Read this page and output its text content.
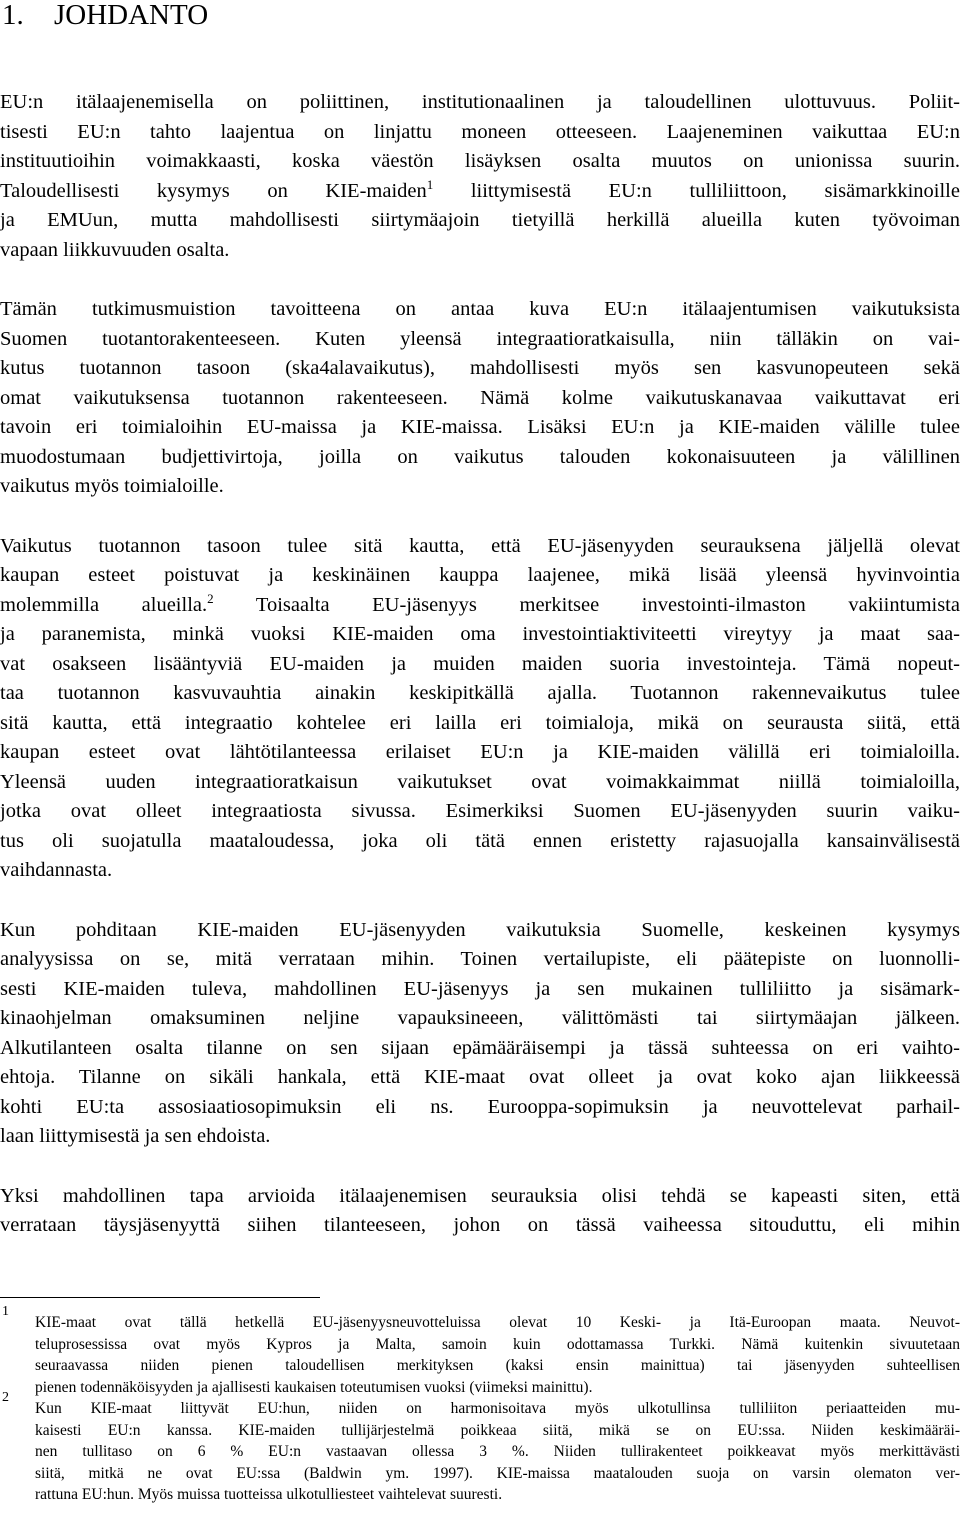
1. JOHDANTO
EU:n itälaajenemisella on poliittinen, institutionaalinen ja taloudellinen ulottuvuus. Poliit-
tisesti EU:n tahto laajentua on linjattu moneen otteeseen. Laajeneminen vaikuttaa EU:n
instituutioihin voimakkaasti, koska väestön lisäyksen osalta muutos on unionissa suurin.
Taloudellisesti kysymys on KIE-maiden$^1$ liittymisestä EU:n tulliliittoon, sisämarkkinoille
ja EMUun, mutta mahdollisesti siirtymäajoin tietyillä herkillä alueilla kuten työvoiman
vapaan liikkuvuuden osalta.
Tämän tutkimusmuistion tavoitteena on antaa kuva EU:n itälaajentumisen vaikutuksista
Suomen tuotantorakenteeseen. Kuten yleensä integraatioratkaisulla, niin tälläkin on vai-
kutus tuotannon tasoon (ska4alavaikutus), mahdollisesti myös sen kasvunopeuteen sekä
omat vaikutuksensa tuotannon rakenteeseen. Nämä kolme vaikutuskanavaa vaikuttavat eri
tavoin eri toimialoihin EU-maissa ja KIE-maissa. Lisäksi EU:n ja KIE-maiden välille tulee
muodostumaan budjettivirtoja, joilla on vaikutus talouden kokonaisuuteen ja välillinen
vaikutus myös toimialoille.
Vaikutus tuotannon tasoon tulee sitä kautta, että EU-jäsenyyden seurauksena jäljellä olevat
kaupan esteet poistuvat ja keskinäinen kauppa laajenee, mikä lisää yleensä hyvinvointia
molemmilla alueilla.$^2$ Toisaalta EU-jäsenyys merkitsee investointi-ilmaston vakiintumista
ja paranemista, minkä vuoksi KIE-maiden oma investointiaktiviteetti vireytyy ja maat saa-
vat osakseen lisääntyviä EU-maiden ja muiden maiden suoria investointeja. Tämä nopeut-
taa tuotannon kasvuvauhtia ainakin keskipitkällä ajalla. Tuotannon rakennevaikutus tulee
sitä kautta, että integraatio kohtelee eri lailla eri toimialoja, mikä on seurausta siitä, että
kaupan esteet ovat lähtötilanteessa erilaiset EU:n ja KIE-maiden välillä eri toimialoilla.
Yleensä uuden integraatioratkaisun vaikutukset ovat voimakkaimmat niillä toimialoilla,
jotka ovat olleet integraatiosta sivussa. Esimerkiksi Suomen EU-jäsenyyden suurin vaiku-
tus oli suojatulla maataloudessa, joka oli tätä ennen eristetty rajasuojalla kansainvälisestä
vaihdannasta.
Kun pohditaan KIE-maiden EU-jäsenyyden vaikutuksia Suomelle, keskeinen kysymys
analyysissa on se, mitä verrataan mihin. Toinen vertailupiste, eli päätepiste on luonnolli-
sesti KIE-maiden tuleva, mahdollinen EU-jäsenyys ja sen mukainen tulliliitto ja sisämark-
kinaohjelman omaksuminen neljine vapauksineeen, välittömästi tai siirtymäajan jälkeen.
Alkutilanteen osalta tilanne on sen sijaan epämääräisempi ja tässä suhteessa on eri vaihto-
ehtoja. Tilanne on sikäli hankala, että KIE-maat ovat olleet ja ovat koko ajan liikkeessä
kohti EU:ta assosiaatiosopimuksin eli ns. Eurooppa-sopimuksin ja neuvottelevat parhail-
laan liittymisestä ja sen ehdoista.
Yksi mahdollinen tapa arvioida itälaajenemisen seurauksia olisi tehdä se kapeasti siten, että
verrataan täysjäsenyyttä siihen tilanteeseen, johon on tässä vaiheessa sitouduttu, eli mihin
1
KIE-maat ovat tällä hetkellä EU-jäsenyysneuvotteluissa olevat 10 Keski- ja Itä-Euroopan maata. Neuvot-
teluprosessissa ovat myös Kypros ja Malta, samoin kuin odottamassa Turkki. Nämä kuitenkin sivuutetaan
seuraavassa niiden pienen taloudellisen merkityksen (kaksi ensin mainittua) tai jäsenyyden suhteellisen
pienen todennäköisyyden ja ajallisesti kaukaisen toteutumisen vuoksi (viimeksi mainittu).
2
Kun KIE-maat liittyvät EU:hun, niiden on harmonisoitava myös ulkotullinsa tulliliiton periaatteiden mu-
kaisesti EU:n kanssa. KIE-maiden tullijärjestelmä poikkeaa siitä, mikä se on EU:ssa. Niiden keskimääräi-
nen tullitaso on 6 % EU:n vastaavan ollessa 3 %. Niiden tullirakenteet poikkeavat myös merkittävästi
siitä, mitkä ne ovat EU:ssa (Baldwin ym. 1997). KIE-maissa maatalouden suoja on varsin olematon ver-
rattuna EU:hun. Myös muissa tuotteissa ulkotulliesteet vaihtelevat suuresti.
